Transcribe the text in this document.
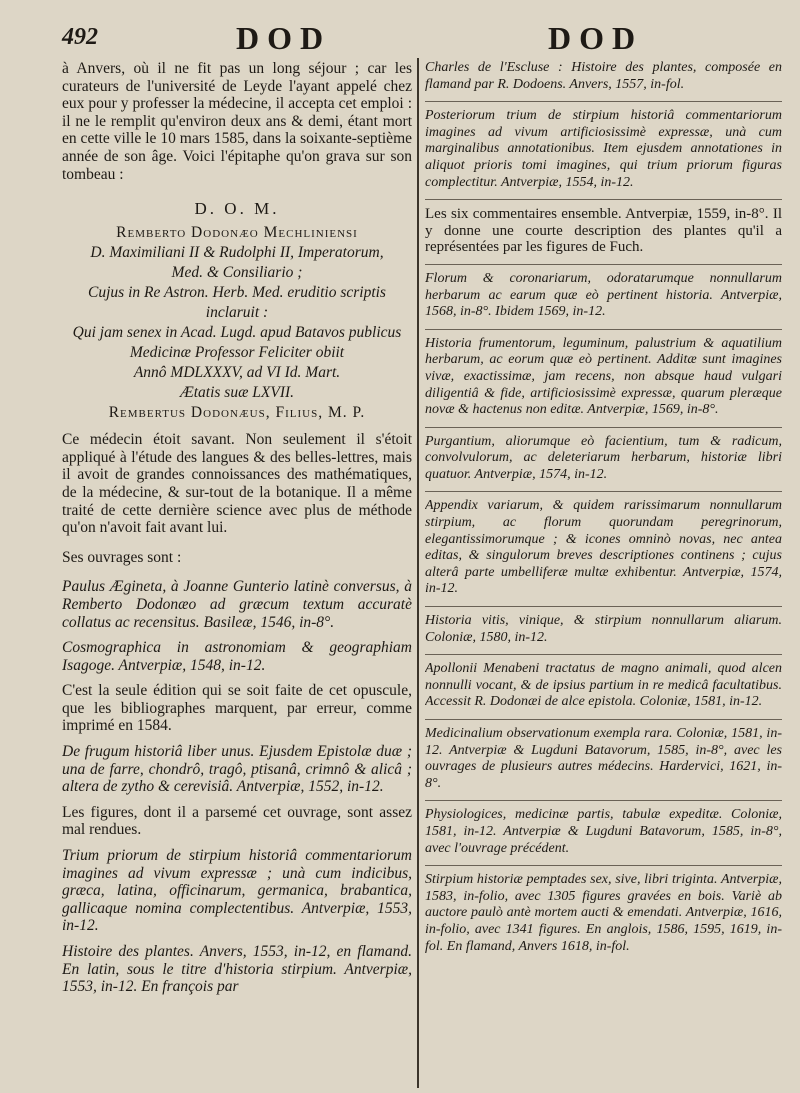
492	DOD	DOD

à Anvers, où il ne fit pas un long séjour ; car les curateurs de l'université de Leyde l'ayant appelé chez eux pour y professer la médecine, il accepta cet emploi : il ne le remplit qu'environ deux ans & demi, étant mort en cette ville le 10 mars 1585, dans la soixante-septième année de son âge. Voici l'épitaphe qu'on grava sur son tombeau :

D. O. M.

Remberto Dodonæo Mechliniensi

D. Maximiliani II & Rudolphi II, Imperatorum,

Med. & Consiliario ;

Cujus in Re Astron. Herb. Med. eruditio scriptis

inclaruit :

Qui jam senex in Acad. Lugd. apud Batavos publicus

Medicinæ Professor Feliciter obiit

Annô MDLXXXV, ad VI Id. Mart.

Ætatis suæ LXVII.

Rembertus Dodonæus, Filius, M. P.

Ce médecin étoit savant. Non seulement il s'étoit appliqué à l'étude des langues & des belles-lettres, mais il avoit de grandes connoissances des mathématiques, de la médecine, & sur-tout de la botanique. Il a même traité de cette dernière science avec plus de méthode qu'on n'avoit fait avant lui.

Ses ouvrages sont :

Paulus Ægineta, à Joanne Gunterio latinè conversus, à Remberto Dodonæo ad græcum textum accuratè collatus ac recensitus. Basileæ, 1546, in-8°.

Cosmographica in astronomiam & geographiam Isagoge. Antverpiæ, 1548, in-12.

C'est la seule édition qui se soit faite de cet opuscule, que les bibliographes marquent, par erreur, comme imprimé en 1584.

De frugum historiâ liber unus. Ejusdem Epistolæ duæ ; una de farre, chondrô, tragô, ptisanâ, crimnô & alicâ ; altera de zytho & cerevisiâ. Antverpiæ, 1552, in-12.

Les figures, dont il a parsemé cet ouvrage, sont assez mal rendues.

Trium priorum de stirpium historiâ commentariorum imagines ad vivum expressæ ; unà cum indicibus, græca, latina, officinarum, germanica, brabantica, gallicaque nomina complectentibus. Antverpiæ, 1553, in-12.

Histoire des plantes. Anvers, 1553, in-12, en flamand. En latin, sous le titre d'historia stirpium. Antverpiæ, 1553, in-12. En françois par

Charles de l'Escluse : Histoire des plantes, composée en flamand par R. Dodoens. Anvers, 1557, in-fol.

Posteriorum trium de stirpium historiâ commentariorum imagines ad vivum artificiosissimè expressæ, unà cum marginalibus annotationibus. Item ejusdem annotationes in aliquot prioris tomi imagines, qui trium priorum figuras complectitur. Antverpiæ, 1554, in-12.

Les six commentaires ensemble. Antverpiæ, 1559, in-8°. Il y donne une courte description des plantes qu'il a représentées par les figures de Fuch.

Florum & coronariarum, odoratarumque nonnullarum herbarum ac earum quæ eò pertinent historia. Antverpiæ, 1568, in-8°. Ibidem 1569, in-12.

Historia frumentorum, leguminum, palustrium & aquatilium herbarum, ac eorum quæ eò pertinent. Additæ sunt imagines vivæ, exactissimæ, jam recens, non absque haud vulgari diligentiâ & fide, artificiosissimè expressæ, quarum pleræque novæ & hactenus non editæ. Antverpiæ, 1569, in-8°.

Purgantium, aliorumque eò facientium, tum & radicum, convolvulorum, ac deleteriarum herbarum, historiæ libri quatuor. Antverpiæ, 1574, in-12.

Appendix variarum, & quidem rarissimarum nonnullarum stirpium, ac florum quorundam peregrinorum, elegantissimorumque ; & icones omninò novas, nec antea editas, & singulorum breves descriptiones continens ; cujus alterâ parte umbelliferæ multæ exhibentur. Antverpiæ, 1574, in-12.

Historia vitis, vinique, & stirpium nonnullarum aliarum. Coloniæ, 1580, in-12.

Apollonii Menabeni tractatus de magno animali, quod alcen nonnulli vocant, & de ipsius partium in re medicâ facultatibus. Accessit R. Dodonæi de alce epistola. Coloniæ, 1581, in-12.

Medicinalium observationum exempla rara. Coloniæ, 1581, in-12. Antverpiæ & Lugduni Batavorum, 1585, in-8°, avec les ouvrages de plusieurs autres médecins. Hardervici, 1621, in-8°.

Physiologices, medicinæ partis, tabulæ expeditæ. Coloniæ, 1581, in-12. Antverpiæ & Lugduni Batavorum, 1585, in-8°, avec l'ouvrage précédent.

Stirpium historiæ pemptades sex, sive, libri triginta. Antverpiæ, 1583, in-folio, avec 1305 figures gravées en bois. Variè ab auctore paulò antè mortem aucti & emendati. Antverpiæ, 1616, in-folio, avec 1341 figures. En anglois, 1586, 1595, 1619, in-fol. En flamand, Anvers 1618, in-fol.
